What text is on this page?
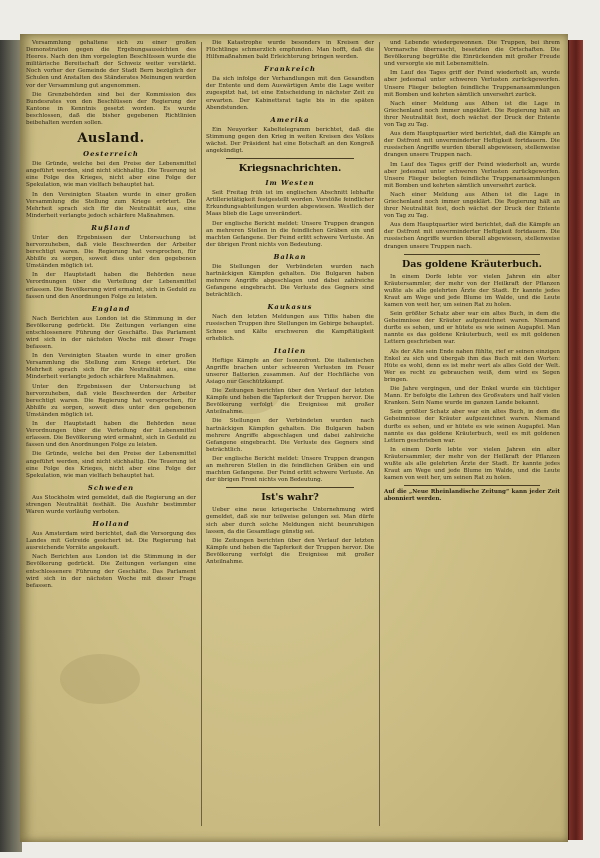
Versammlung gehaltene sich zu einer großen Demonstration gegen die Ergebungsaussichten des Heeres. Nach den ihm vorgelegten Beschlüssen wurde die militärische Bereitschaft der Schweiz weiter verstärkt. Noch vorher der Gemeinde der Stadt Bern bezüglich der Schulen und Anstalten des Ständerates Meinungen wurden vor der Versammlung gut angenommen.

Die Grenzbehörden sind bei der Kommission des Bundesrates von den Beschlüssen der Regierung der Kantone in Kenntnis gesetzt worden. Es wurde beschlossen, daß die bisher gegebenen Richtlinien beibehalten werden sollen.

Ausland.
Oesterreich

Die Gründe, welche bei den Preise der Lebensmittel angeführt werden, sind nicht stichhaltig. Die Teuerung ist eine Folge des Krieges, nicht aber eine Folge der Spekulation, wie man vielfach behauptet hat.

In den Vereinigten Staaten wurde in einer großen Versammlung die Stellung zum Kriege erörtert. Die Mehrheit sprach sich für die Neutralität aus, eine Minderheit verlangte jedoch schärfere Maßnahmen.

Rußland

Unter den Ergebnissen der Untersuchung ist hervorzuheben, daß viele Beschwerden der Arbeiter berechtigt waren. Die Regierung hat versprochen, für Abhilfe zu sorgen, soweit dies unter den gegebenen Umständen möglich ist.

In der Hauptstadt haben die Behörden neue Verordnungen über die Verteilung der Lebensmittel erlassen. Die Bevölkerung wird ermahnt, sich in Geduld zu fassen und den Anordnungen Folge zu leisten.

England

Nach Berichten aus London ist die Stimmung in der Bevölkerung gedrückt. Die Zeitungen verlangen eine entschlossenere Führung der Geschäfte. Das Parlament wird sich in der nächsten Woche mit dieser Frage befassen.

In den Vereinigten Staaten wurde in einer großen Versammlung die Stellung zum Kriege erörtert. Die Mehrheit sprach sich für die Neutralität aus, eine Minderheit verlangte jedoch schärfere Maßnahmen.

Unter den Ergebnissen der Untersuchung ist hervorzuheben, daß viele Beschwerden der Arbeiter berechtigt waren. Die Regierung hat versprochen, für Abhilfe zu sorgen, soweit dies unter den gegebenen Umständen möglich ist.

In der Hauptstadt haben die Behörden neue Verordnungen über die Verteilung der Lebensmittel erlassen. Die Bevölkerung wird ermahnt, sich in Geduld zu fassen und den Anordnungen Folge zu leisten.

Die Gründe, welche bei den Preise der Lebensmittel angeführt werden, sind nicht stichhaltig. Die Teuerung ist eine Folge des Krieges, nicht aber eine Folge der Spekulation, wie man vielfach behauptet hat.

Schweden

Aus Stockholm wird gemeldet, daß die Regierung an der strengen Neutralität festhält. Die Ausfuhr bestimmter Waren wurde vorläufig verboten.

Holland

Aus Amsterdam wird berichtet, daß die Versorgung des Landes mit Getreide gesichert ist. Die Regierung hat ausreichende Vorräte angekauft.

Nach Berichten aus London ist die Stimmung in der Bevölkerung gedrückt. Die Zeitungen verlangen eine entschlossenere Führung der Geschäfte. Das Parlament wird sich in der nächsten Woche mit dieser Frage befassen.

Die Katastrophe wurde besonders in Kreisen der Flüchtlinge schmerzlich empfunden. Man hofft, daß die Hilfsmaßnahmen bald Erleichterung bringen werden.

Frankreich

Da sich infolge der Verhandlungen mit den Gesandten der Entente und dem Auswärtigen Amte die Lage weiter zugespitzt hat, ist eine Entscheidung in nächster Zeit zu erwarten. Der Kabinettsrat tagte bis in die späten Abendstunden.

Amerika

Ein Neuyorker Kabeltelegramm berichtet, daß die Stimmung gegen den Krieg in weiten Kreisen des Volkes wächst. Der Präsident hat eine Botschaft an den Kongreß angekündigt.

Kriegsnachrichten.
Im Westen

Seit Freitag früh ist im englischen Abschnitt lebhafte Artillerietätigkeit festgestellt worden. Vorstöße feindlicher Erkundungsabteilungen wurden abgewiesen. Westlich der Maas blieb die Lage unverändert.

Der englische Bericht meldet: Unsere Truppen drangen an mehreren Stellen in die feindlichen Gräben ein und machten Gefangene. Der Feind erlitt schwere Verluste. An der übrigen Front nichts von Bedeutung.

Balkan

Die Stellungen der Verbündeten wurden nach hartnäckigen Kämpfen gehalten. Die Bulgaren haben mehrere Angriffe abgeschlagen und dabei zahlreiche Gefangene eingebracht. Die Verluste des Gegners sind beträchtlich.

Kaukasus

Nach den letzten Meldungen aus Tiflis haben die russischen Truppen ihre Stellungen im Gebirge behauptet. Schnee und Kälte erschweren die Kampftätigkeit erheblich.

Italien

Heftige Kämpfe an der Isonzofront. Die italienischen Angriffe brachen unter schweren Verlusten im Feuer unserer Batterien zusammen. Auf der Hochfläche von Asiago nur Geschützkampf.

Die Zeitungen berichten über den Verlauf der letzten Kämpfe und heben die Tapferkeit der Truppen hervor. Die Bevölkerung verfolgt die Ereignisse mit großer Anteilnahme.

Die Stellungen der Verbündeten wurden nach hartnäckigen Kämpfen gehalten. Die Bulgaren haben mehrere Angriffe abgeschlagen und dabei zahlreiche Gefangene eingebracht. Die Verluste des Gegners sind beträchtlich.

Der englische Bericht meldet: Unsere Truppen drangen an mehreren Stellen in die feindlichen Gräben ein und machten Gefangene. Der Feind erlitt schwere Verluste. An der übrigen Front nichts von Bedeutung.

Ist's wahr?

Ueber eine neue kriegerische Unternehmung wird gemeldet, daß sie nur teilweise gelungen sei. Man dürfe sich aber durch solche Meldungen nicht beunruhigen lassen, da die Gesamtlage günstig sei.

Die Zeitungen berichten über den Verlauf der letzten Kämpfe und heben die Tapferkeit der Truppen hervor. Die Bevölkerung verfolgt die Ereignisse mit großer Anteilnahme.

und Lebende wiedergewonnen. Die Truppen, bei ihrem Vormarsche überrascht, besetzten die Ortschaften. Die Bevölkerung begrüßte die Einrückenden mit großer Freude und versorgte sie mit Lebensmitteln.

Im Lauf des Tages griff der Feind wiederholt an, wurde aber jedesmal unter schweren Verlusten zurückgeworfen. Unsere Flieger belegten feindliche Truppenansammlungen mit Bomben und kehrten sämtlich unversehrt zurück.

Nach einer Meldung aus Athen ist die Lage in Griechenland noch immer ungeklärt. Die Regierung hält an ihrer Neutralität fest, doch wächst der Druck der Entente von Tag zu Tag.

Aus dem Hauptquartier wird berichtet, daß die Kämpfe an der Ostfront mit unverminderter Heftigkeit fortdauern. Die russischen Angriffe wurden überall abgewiesen, stellenweise drangen unsere Truppen nach.

Im Lauf des Tages griff der Feind wiederholt an, wurde aber jedesmal unter schweren Verlusten zurückgeworfen. Unsere Flieger belegten feindliche Truppenansammlungen mit Bomben und kehrten sämtlich unversehrt zurück.

Nach einer Meldung aus Athen ist die Lage in Griechenland noch immer ungeklärt. Die Regierung hält an ihrer Neutralität fest, doch wächst der Druck der Entente von Tag zu Tag.

Aus dem Hauptquartier wird berichtet, daß die Kämpfe an der Ostfront mit unverminderter Heftigkeit fortdauern. Die russischen Angriffe wurden überall abgewiesen, stellenweise drangen unsere Truppen nach.

Das goldene Kräuterbuch.

In einem Dorfe lebte vor vielen Jahren ein alter Kräutersammler, der mehr von der Heilkraft der Pflanzen wußte als alle gelehrten Ärzte der Stadt. Er kannte jedes Kraut am Wege und jede Blume im Walde, und die Leute kamen von weit her, um seinen Rat zu holen.

Sein größter Schatz aber war ein altes Buch, in dem die Geheimnisse der Kräuter aufgezeichnet waren. Niemand durfte es sehen, und er hütete es wie seinen Augapfel. Man nannte es das goldene Kräuterbuch, weil es mit goldenen Lettern geschrieben war.

Als der Alte sein Ende nahen fühlte, rief er seinen einzigen Enkel zu sich und übergab ihm das Buch mit den Worten: Hüte es wohl, denn es ist mehr wert als alles Gold der Welt. Wer es recht zu gebrauchen weiß, dem wird es Segen bringen.

Die Jahre vergingen, und der Enkel wurde ein tüchtiger Mann. Er befolgte die Lehren des Großvaters und half vielen Kranken. Sein Name wurde im ganzen Lande bekannt.

Sein größter Schatz aber war ein altes Buch, in dem die Geheimnisse der Kräuter aufgezeichnet waren. Niemand durfte es sehen, und er hütete es wie seinen Augapfel. Man nannte es das goldene Kräuterbuch, weil es mit goldenen Lettern geschrieben war.

In einem Dorfe lebte vor vielen Jahren ein alter Kräutersammler, der mehr von der Heilkraft der Pflanzen wußte als alle gelehrten Ärzte der Stadt. Er kannte jedes Kraut am Wege und jede Blume im Walde, und die Leute kamen von weit her, um seinen Rat zu holen.

Auf die „Neue Rheinlandische Zeitung“ kann jeder Zeit abonniert werden.
